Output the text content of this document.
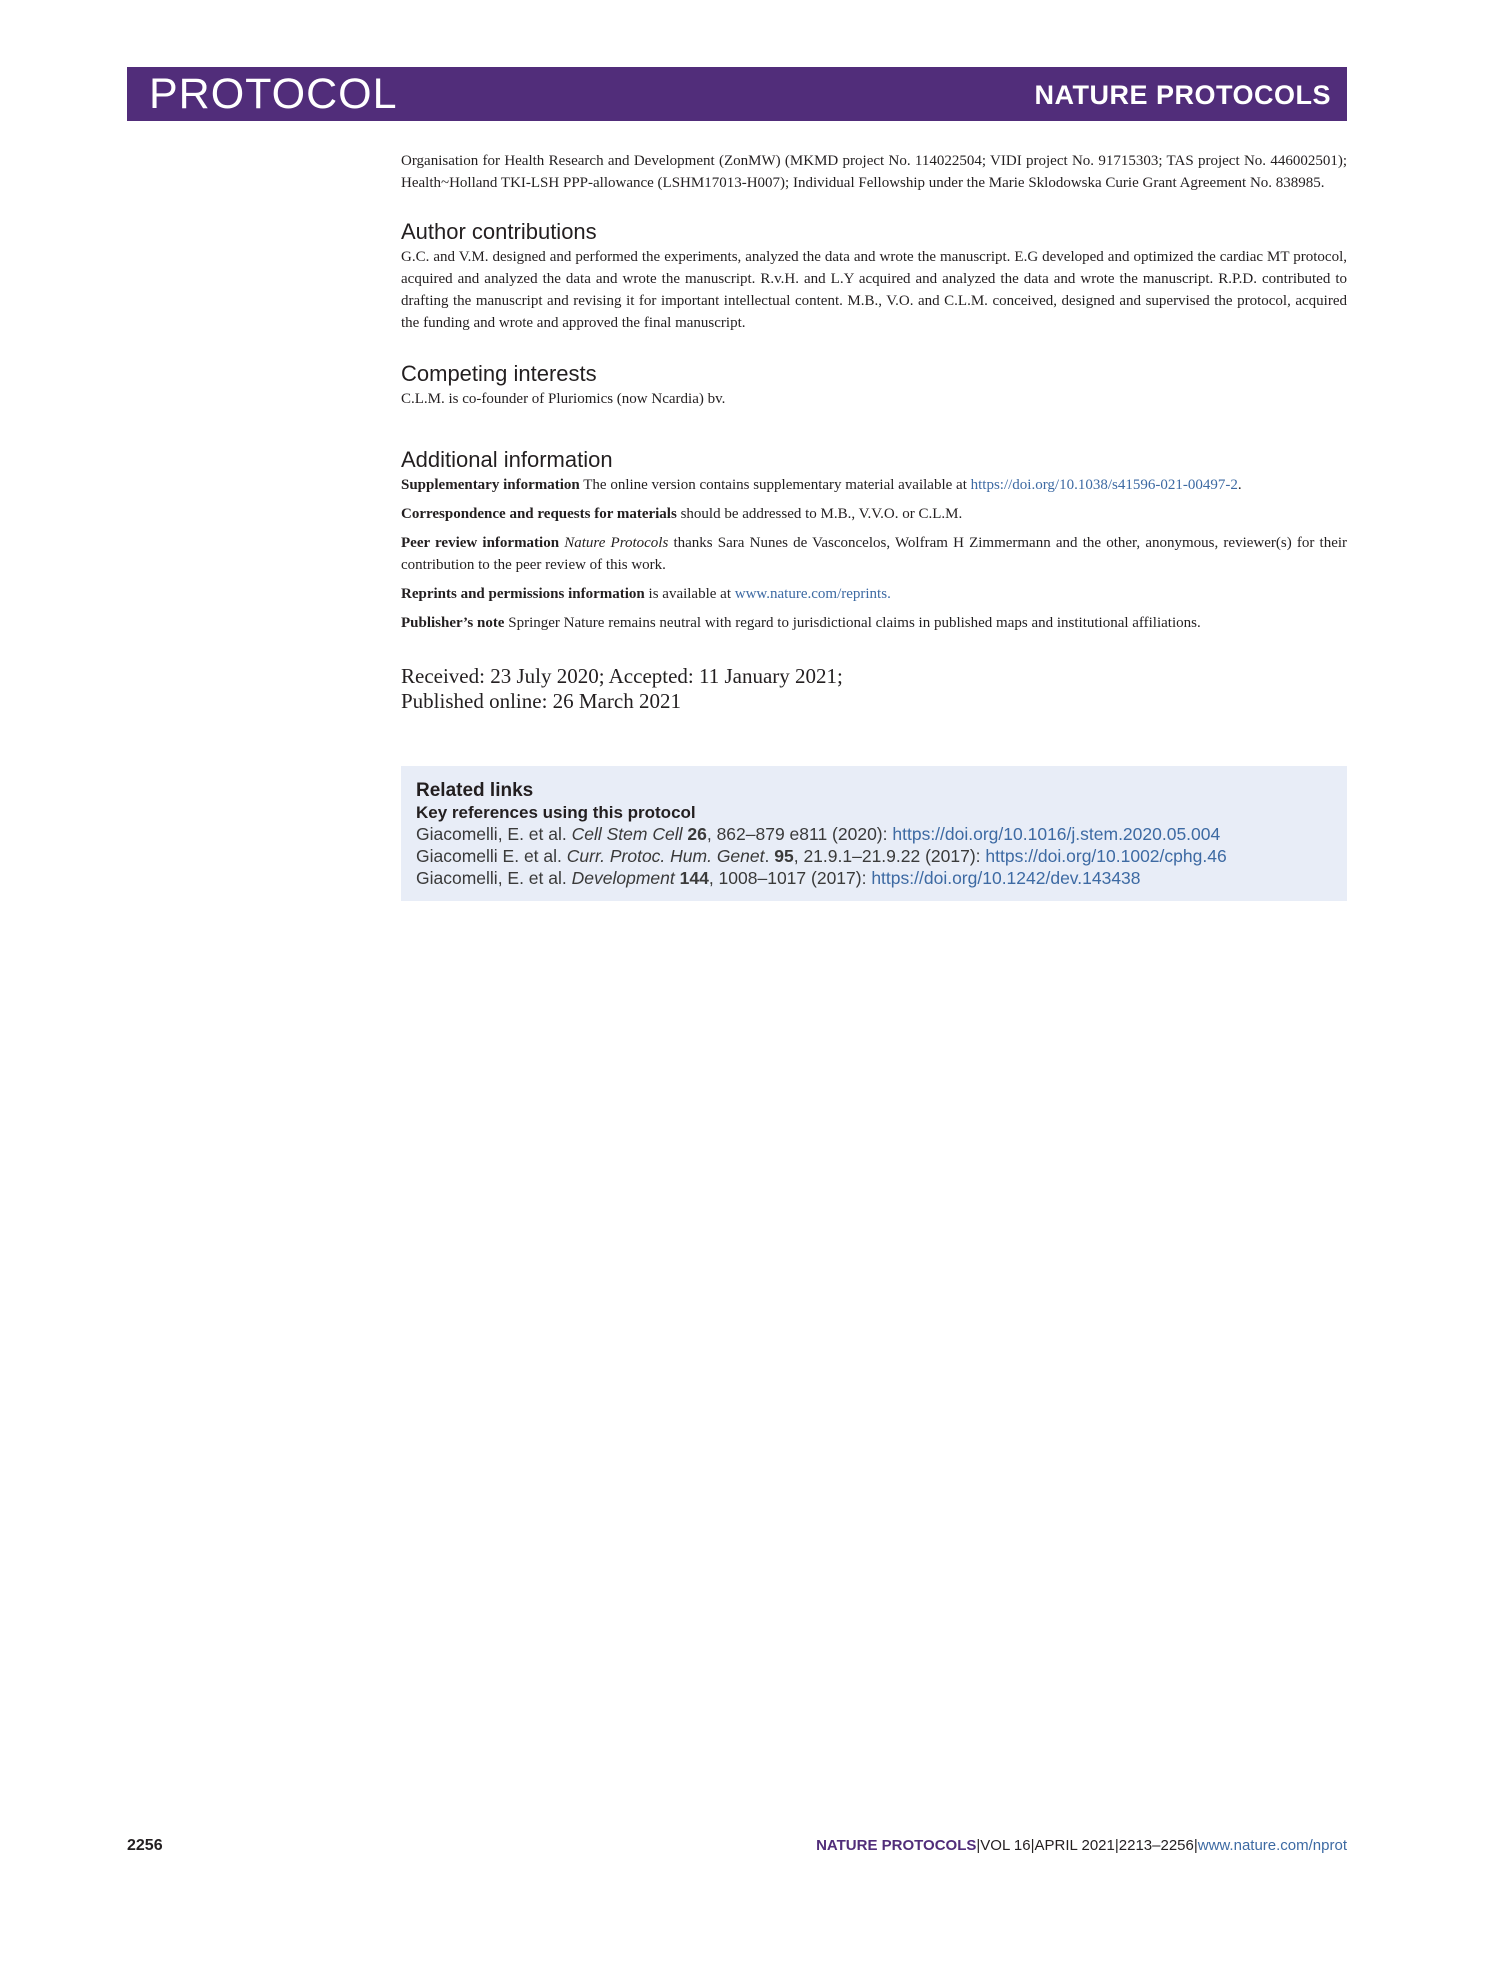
PROTOCOL	NATURE PROTOCOLS

Organisation for Health Research and Development (ZonMW) (MKMD project No. 114022504; VIDI project No. 91715303; TAS project No. 446002501); Health~Holland TKI-LSH PPP-allowance (LSHM17013-H007); Individual Fellowship under the Marie Sklodowska Curie Grant Agreement No. 838985.

Author contributions

G.C. and V.M. designed and performed the experiments, analyzed the data and wrote the manuscript. E.G developed and optimized the cardiac MT protocol, acquired and analyzed the data and wrote the manuscript. R.v.H. and L.Y acquired and analyzed the data and wrote the manuscript. R.P.D. contributed to drafting the manuscript and revising it for important intellectual content. M.B., V.O. and C.L.M. conceived, designed and supervised the protocol, acquired the funding and wrote and approved the final manuscript.

Competing interests

C.L.M. is co-founder of Pluriomics (now Ncardia) bv.

Additional information

Supplementary information The online version contains supplementary material available at https://doi.org/10.1038/s41596-021-00497-2.

Correspondence and requests for materials should be addressed to M.B., V.V.O. or C.L.M.

Peer review information Nature Protocols thanks Sara Nunes de Vasconcelos, Wolfram H Zimmermann and the other, anonymous, reviewer(s) for their contribution to the peer review of this work.

Reprints and permissions information is available at www.nature.com/reprints.

Publisher’s note Springer Nature remains neutral with regard to jurisdictional claims in published maps and institutional affiliations.

Received: 23 July 2020; Accepted: 11 January 2021;
Published online: 26 March 2021
Related links
Key references using this protocol
Giacomelli, E. et al. Cell Stem Cell 26, 862–879 e811 (2020): https://doi.org/10.1016/j.stem.2020.05.004
Giacomelli E. et al. Curr. Protoc. Hum. Genet. 95, 21.9.1–21.9.22 (2017): https://doi.org/10.1002/cphg.46
Giacomelli, E. et al. Development 144, 1008–1017 (2017): https://doi.org/10.1242/dev.143438
2256	NATURE PROTOCOLS|VOL 16|APRIL 2021|2213–2256|www.nature.com/nprot
